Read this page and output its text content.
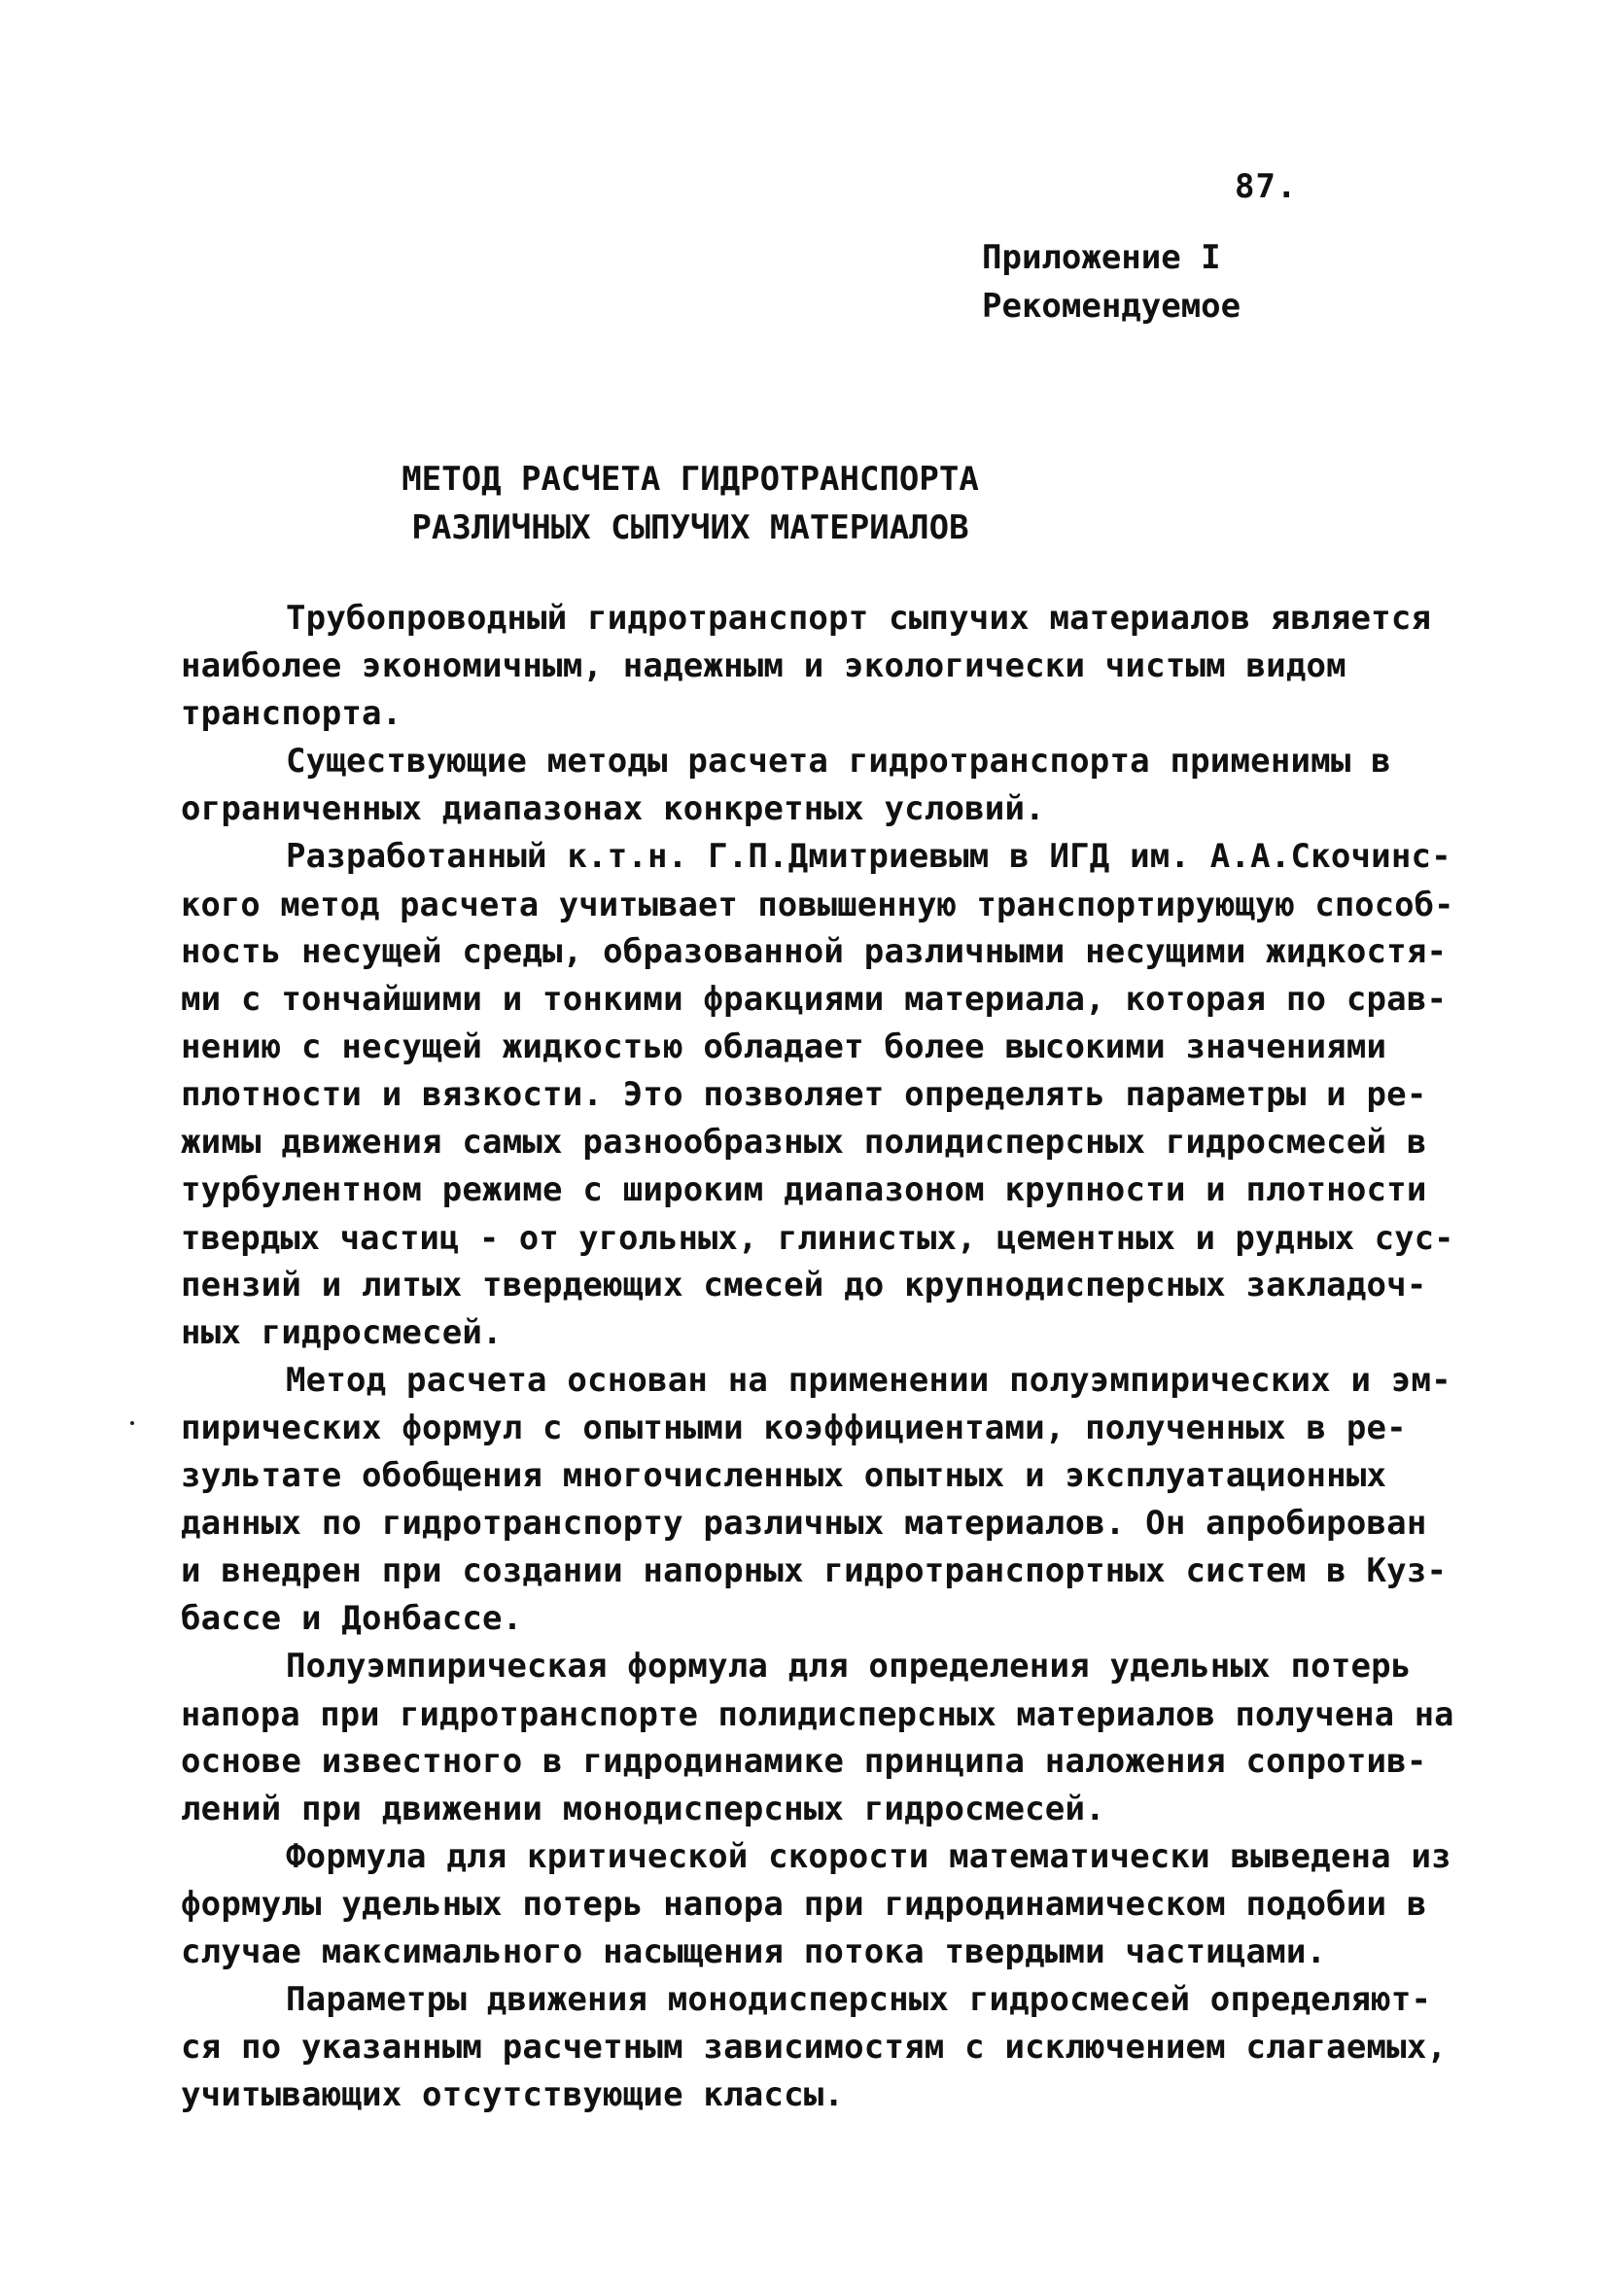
87.
Приложение I
Рекомендуемое
МЕТОД РАСЧЕТА ГИДРОТРАНСПОРТА
РАЗЛИЧНЫХ СЫПУЧИХ МАТЕРИАЛОВ
Трубопроводный гидротранспорт сыпучих материалов является
наиболее экономичным, надежным и экологически чистым видом
транспорта.
Существующие методы расчета гидротранспорта применимы в
ограниченных диапазонах конкретных условий.
Разработанный к.т.н. Г.П.Дмитриевым в ИГД им. А.А.Скочинс-
кого метод расчета учитывает повышенную транспортирующую способ-
ность несущей среды, образованной различными несущими жидкостя-
ми с тончайшими и тонкими фракциями материала, которая по срав-
нению с несущей жидкостью обладает более высокими значениями
плотности и вязкости. Это позволяет определять параметры и ре-
жимы движения самых разнообразных полидисперсных гидросмесей в
турбулентном режиме с широким диапазоном крупности и плотности
твердых частиц - от угольных, глинистых, цементных и рудных сус-
пензий и литых твердеющих смесей до крупнодисперсных закладоч-
ных гидросмесей.
Метод расчета основан на применении полуэмпирических и эм-
пирических формул с опытными коэффициентами, полученных в ре-
зультате обобщения многочисленных опытных и эксплуатационных
данных по гидротранспорту различных материалов. Он апробирован
и внедрен при создании напорных гидротранспортных систем в Куз-
бассе и Донбассе.
Полуэмпирическая формула для определения удельных потерь
напора при гидротранспорте полидисперсных материалов получена на
основе известного в гидродинамике принципа наложения сопротив-
лений при движении монодисперсных гидросмесей.
Формула для критической скорости математически выведена из
формулы удельных потерь напора при гидродинамическом подобии в
случае максимального насыщения потока твердыми частицами.
Параметры движения монодисперсных гидросмесей определяют-
ся по указанным расчетным зависимостям с исключением слагаемых,
учитывающих отсутствующие классы.
